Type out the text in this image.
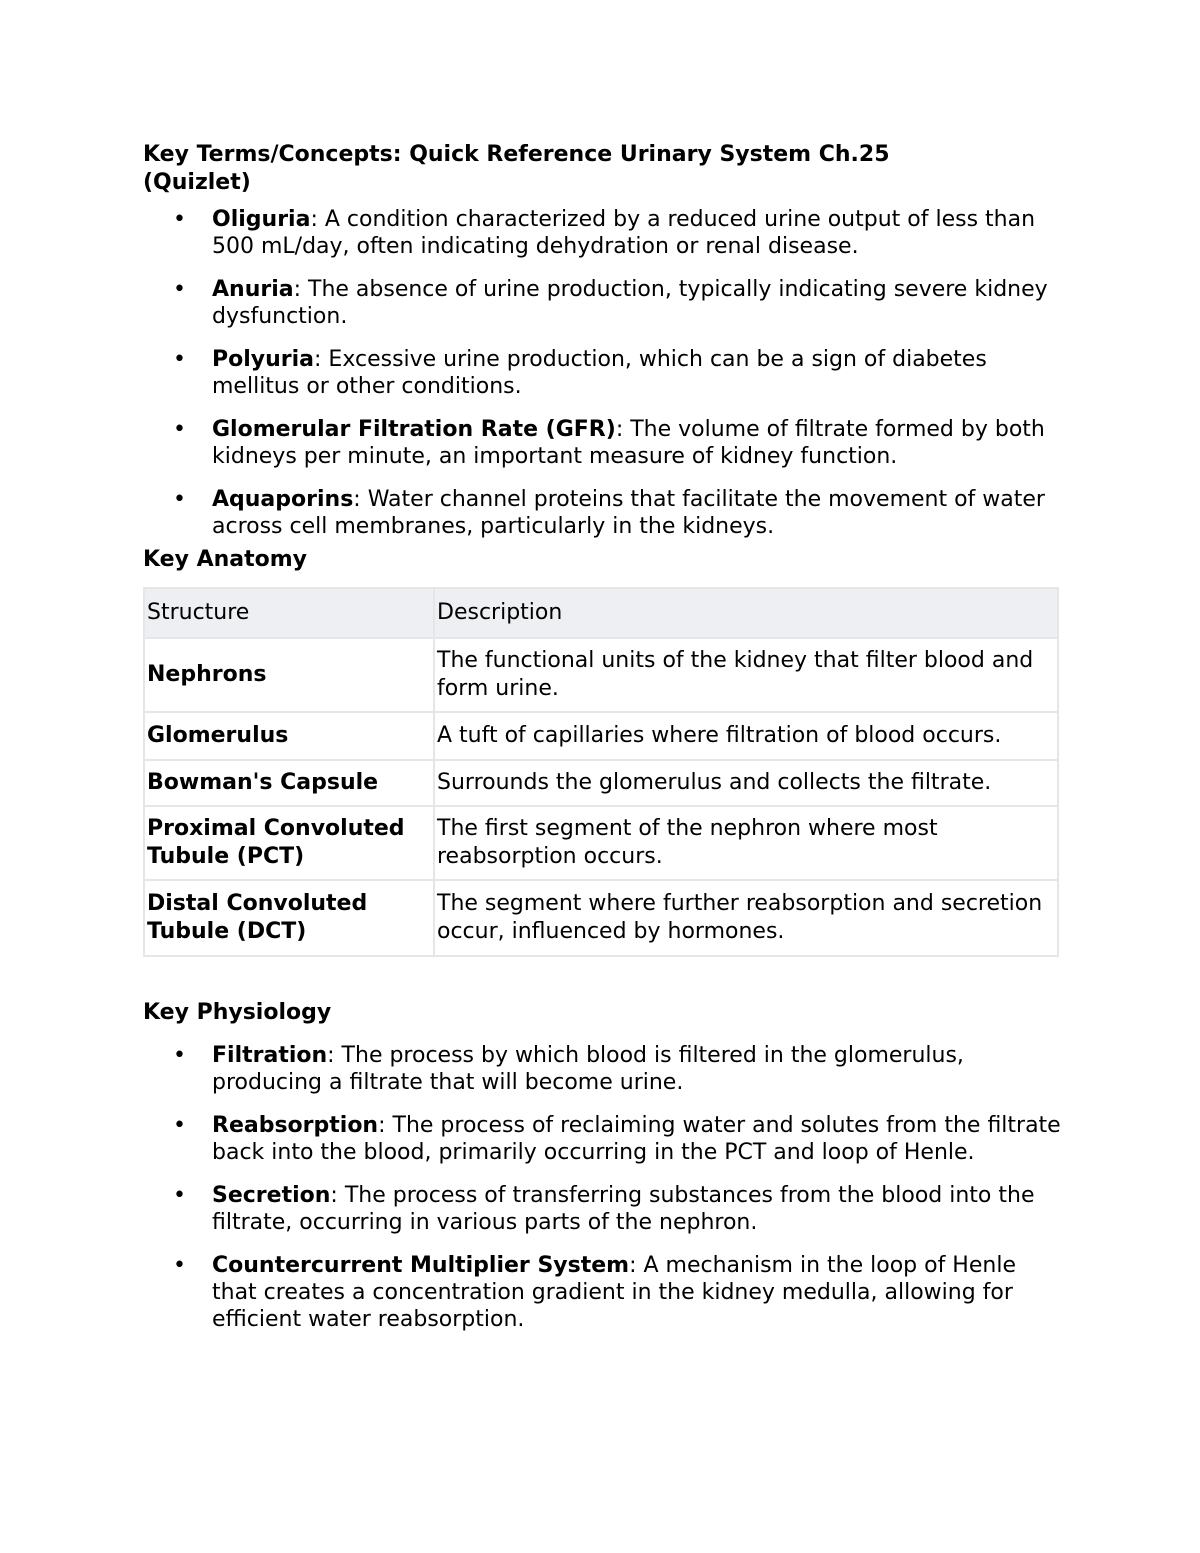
Key Terms/Concepts: Quick Reference Urinary System Ch.25 (Quizlet)
• Oliguria: A condition characterized by a reduced urine output of less than 500 mL/day, often indicating dehydration or renal disease.
• Anuria: The absence of urine production, typically indicating severe kidney dysfunction.
• Polyuria: Excessive urine production, which can be a sign of diabetes mellitus or other conditions.
• Glomerular Filtration Rate (GFR): The volume of filtrate formed by both kidneys per minute, an important measure of kidney function.
• Aquaporins: Water channel proteins that facilitate the movement of water across cell membranes, particularly in the kidneys.
Key Anatomy
Structure	Description
Nephrons	The functional units of the kidney that filter blood and form urine.
Glomerulus	A tuft of capillaries where filtration of blood occurs.
Bowman's Capsule	Surrounds the glomerulus and collects the filtrate.
Proximal Convoluted Tubule (PCT)	The first segment of the nephron where most reabsorption occurs.
Distal Convoluted Tubule (DCT)	The segment where further reabsorption and secretion occur, influenced by hormones.
Key Physiology
• Filtration: The process by which blood is filtered in the glomerulus, producing a filtrate that will become urine.
• Reabsorption: The process of reclaiming water and solutes from the filtrate back into the blood, primarily occurring in the PCT and loop of Henle.
• Secretion: The process of transferring substances from the blood into the filtrate, occurring in various parts of the nephron.
• Countercurrent Multiplier System: A mechanism in the loop of Henle that creates a concentration gradient in the kidney medulla, allowing for efficient water reabsorption.
